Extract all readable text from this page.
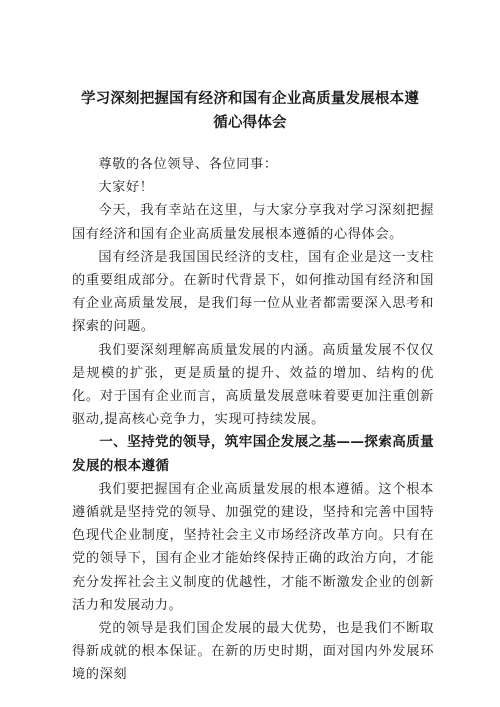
学习深刻把握国有经济和国有企业高质量发展根本遵
循心得体会

尊敬的各位领导、各位同事：

大家好！

今天，我有幸站在这里，与大家分享我对学习深刻把握国有经济和国有企业高质量发展根本遵循的心得体会。

国有经济是我国国民经济的支柱，国有企业是这一支柱的重要组成部分。在新时代背景下，如何推动国有经济和国有企业高质量发展，是我们每一位从业者都需要深入思考和探索的问题。

我们要深刻理解高质量发展的内涵。高质量发展不仅仅是规模的扩张，更是质量的提升、效益的增加、结构的优化。对于国有企业而言，高质量发展意味着要更加注重创新驱动,提高核心竞争力，实现可持续发展。

一、坚持党的领导，筑牢国企发展之基——探索高质量发展的根本遵循

我们要把握国有企业高质量发展的根本遵循。这个根本遵循就是坚持党的领导、加强党的建设，坚持和完善中国特色现代企业制度，坚持社会主义市场经济改革方向。只有在党的领导下，国有企业才能始终保持正确的政治方向，才能充分发挥社会主义制度的优越性，才能不断激发企业的创新活力和发展动力。

党的领导是我们国企发展的最大优势，也是我们不断取得新成就的根本保证。在新的历史时期，面对国内外发展环境的深刻
